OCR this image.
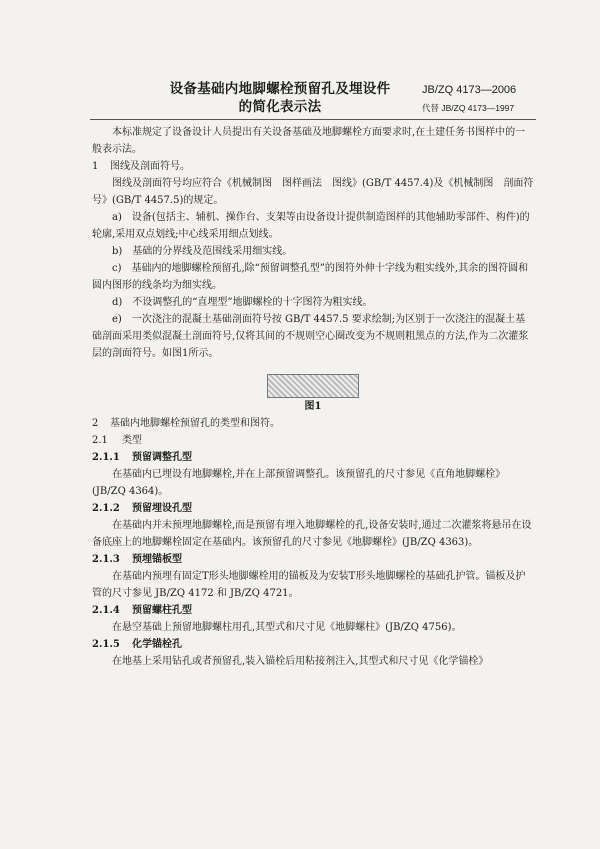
设备基础内地脚螺栓预留孔及埋设件
的简化表示法
JB/ZQ 4173—2006
代替 JB/ZQ 4173—1997

本标准规定了设备设计人员提出有关设备基础及地脚螺栓方面要求时,在土建任务书图样中的一般表示法。

1 图线及剖面符号。

图线及剖面符号均应符合《机械制图　图样画法　图线》(GB/T 4457.4)及《机械制图　剖面符号》(GB/T 4457.5)的规定。

a)　设备(包括主、辅机、操作台、支架等由设备设计提供制造图样的其他辅助零部件、构件)的轮廓,采用双点划线;中心线采用细点划线。

b)　基础的分界线及范围线采用细实线。

c)　基础内的地脚螺栓预留孔,除“预留调整孔型”的图符外伸十字线为粗实线外,其余的图符圆和圆内图形的线条均为细实线。

d)　不设调整孔的“直埋型”地脚螺栓的十字图符为粗实线。

e)　一次浇注的混凝土基础剖面符号按 GB/T 4457.5 要求绘制;为区别于一次浇注的混凝土基础剖面采用类似混凝土剖面符号,仅将其间的不规则空心圈改变为不规则粗黑点的方法,作为二次灌浆层的剖面符号。如图1所示。

图1

2 基础内地脚螺栓预留孔的类型和图符。

2.1 类型

2.1.1 预留调整孔型

在基础内已埋设有地脚螺栓,并在上部预留调整孔。该预留孔的尺寸参见《直角地脚螺栓》(JB/ZQ 4364)。

2.1.2 预留埋设孔型

在基础内并未预埋地脚螺栓,而是预留有埋入地脚螺栓的孔,设备安装时,通过二次灌浆将悬吊在设备底座上的地脚螺栓固定在基础内。该预留孔的尺寸参见《地脚螺栓》(JB/ZQ 4363)。

2.1.3 预埋锚板型

在基础内预埋有固定T形头地脚螺栓用的锚板及为安装T形头地脚螺栓的基础孔护管。锚板及护管的尺寸参见 JB/ZQ 4172 和 JB/ZQ 4721。

2.1.4 预留螺柱孔型

在悬空基础上预留地脚螺柱用孔,其型式和尺寸见《地脚螺柱》(JB/ZQ 4756)。

2.1.5 化学锚栓孔

在地基上采用钻孔或者预留孔,装入锚栓后用粘接剂注入,其型式和尺寸见《化学锚栓》
